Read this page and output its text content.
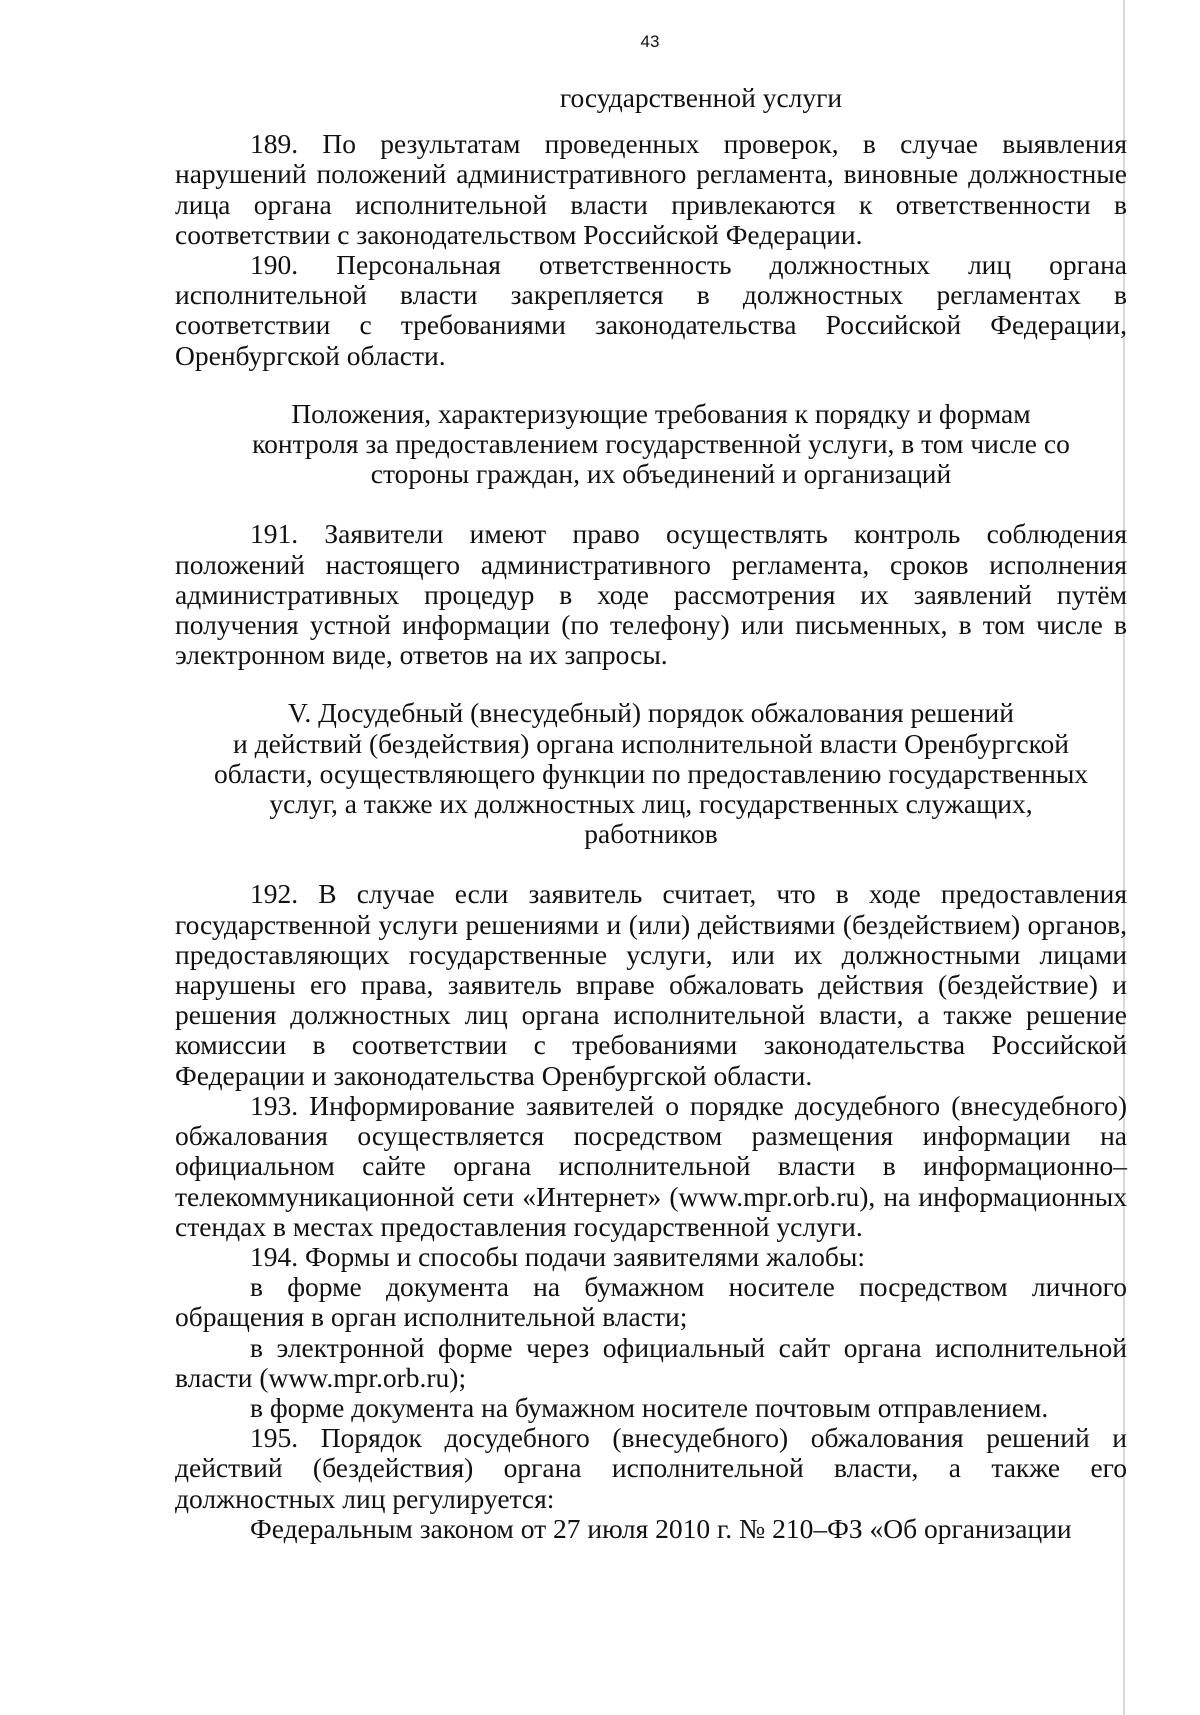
43
государственной услуги

189. По результатам проведенных проверок, в случае выявления нарушений положений административного регламента, виновные должностные лица органа исполнительной власти привлекаются к ответственности в соответствии с законодательством Российской Федерации.

190. Персональная ответственность должностных лиц органа исполнительной власти закрепляется в должностных регламентах в соответствии с требованиями законодательства Российской Федерации, Оренбургской области.

Положения, характеризующие требования к порядку и формам
контроля за предоставлением государственной услуги, в том числе со
стороны граждан, их объединений и организаций

191. Заявители имеют право осуществлять контроль соблюдения положений настоящего административного регламента, сроков исполнения административных процедур в ходе рассмотрения их заявлений путём получения устной информации (по телефону) или письменных, в том числе в электронном виде, ответов на их запросы.

V. Досудебный (внесудебный) порядок обжалования решений
и действий (бездействия) органа исполнительной власти Оренбургской
области, осуществляющего функции по предоставлению государственных
услуг, а также их должностных лиц, государственных служащих,
работников

192. В случае если заявитель считает, что в ходе предоставления государственной услуги решениями и (или) действиями (бездействием) органов, предоставляющих государственные услуги, или их должностными лицами нарушены его права, заявитель вправе обжаловать действия (бездействие) и решения должностных лиц органа исполнительной власти, а также решение комиссии в соответствии с требованиями законодательства Российской Федерации и законодательства Оренбургской области.

193. Информирование заявителей о порядке досудебного (внесудебного) обжалования осуществляется посредством размещения информации на официальном сайте органа исполнительной власти в информационно–телекоммуникационной сети «Интернет» (www.mpr.orb.ru), на информационных стендах в местах предоставления государственной услуги.

194. Формы и способы подачи заявителями жалобы:

в форме документа на бумажном носителе посредством личного обращения в орган исполнительной власти;

в электронной форме через официальный сайт органа исполнительной власти (www.mpr.orb.ru);

в форме документа на бумажном носителе почтовым отправлением.

195. Порядок досудебного (внесудебного) обжалования решений и действий (бездействия) органа исполнительной власти, а также его должностных лиц регулируется:

Федеральным законом от 27 июля 2010 г. № 210–ФЗ «Об организации
